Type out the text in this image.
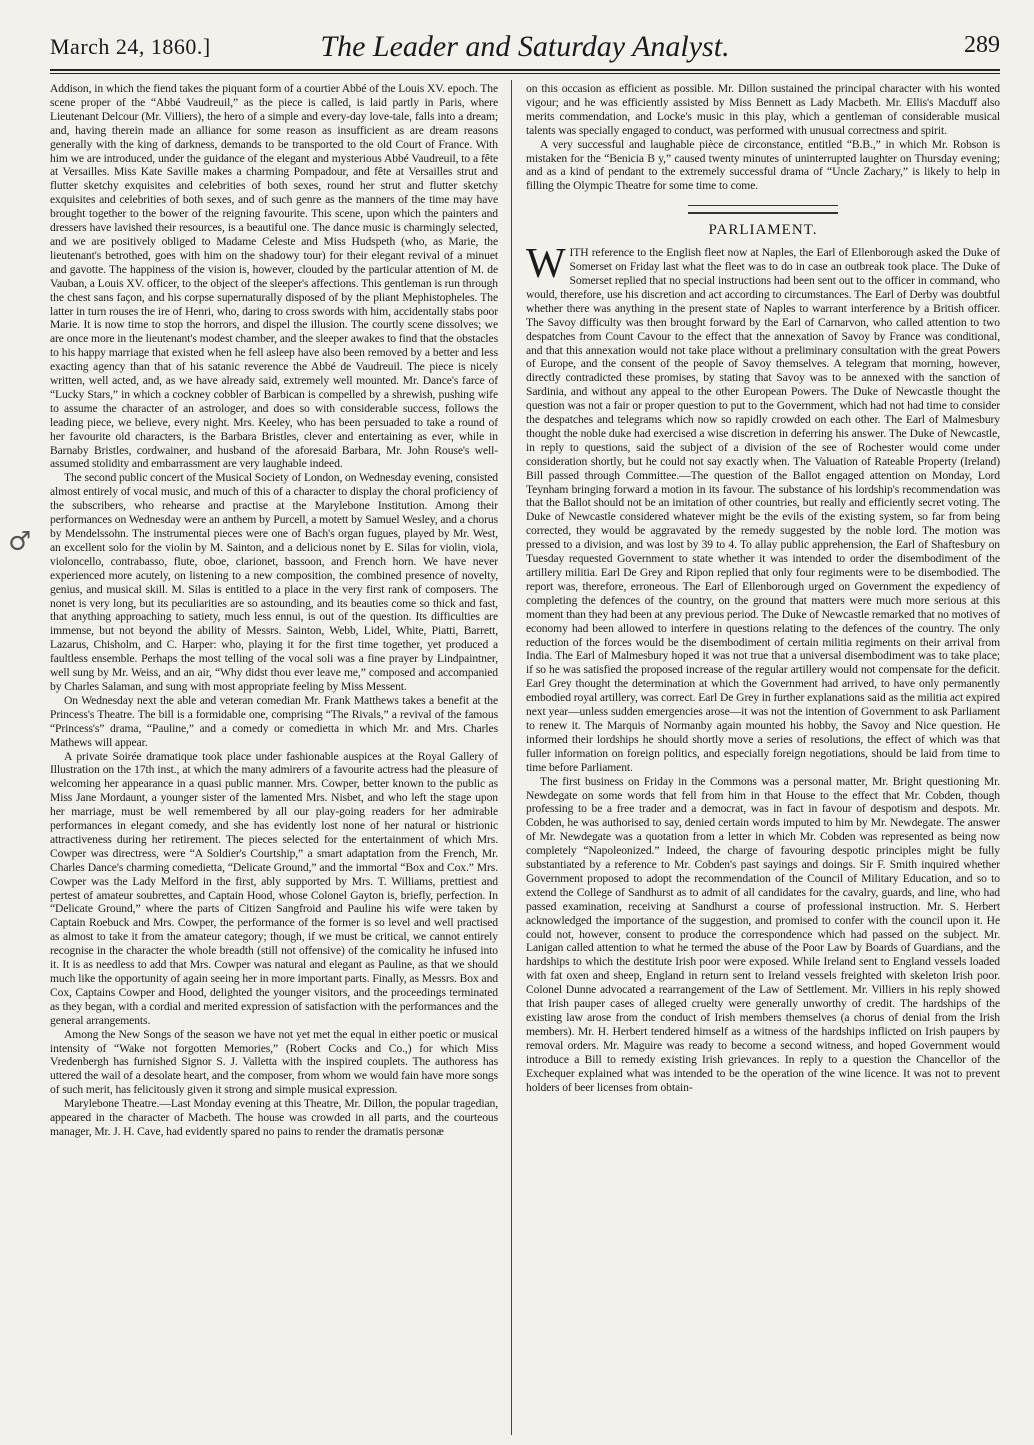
March 24, 1860.]	The Leader and Saturday Analyst.	289
♂

Addison, in which the fiend takes the piquant form of a courtier Abbé of the Louis XV. epoch. The scene proper of the “Abbé Vaudreuil,” as the piece is called, is laid partly in Paris, where Lieutenant Delcour (Mr. Villiers), the hero of a simple and every-day love-tale, falls into a dream; and, having therein made an alliance for some reason as insufficient as are dream reasons generally with the king of darkness, demands to be transported to the old Court of France. With him we are introduced, under the guidance of the elegant and mysterious Abbé Vaudreuil, to a fête at Versailles. Miss Kate Saville makes a charming Pompadour, and fête at Versailles strut and flutter sketchy exquisites and celebrities of both sexes, round her strut and flutter sketchy exquisites and celebrities of both sexes, and of such genre as the manners of the time may have brought together to the bower of the reigning favourite. This scene, upon which the painters and dressers have lavished their resources, is a beautiful one. The dance music is charmingly selected, and we are positively obliged to Madame Celeste and Miss Hudspeth (who, as Marie, the lieutenant's betrothed, goes with him on the shadowy tour) for their elegant revival of a minuet and gavotte. The happiness of the vision is, however, clouded by the particular attention of M. de Vauban, a Louis XV. officer, to the object of the sleeper's affections. This gentleman is run through the chest sans façon, and his corpse supernaturally disposed of by the pliant Mephistopheles. The latter in turn rouses the ire of Henri, who, daring to cross swords with him, accidentally stabs poor Marie. It is now time to stop the horrors, and dispel the illusion. The courtly scene dissolves; we are once more in the lieutenant's modest chamber, and the sleeper awakes to find that the obstacles to his happy marriage that existed when he fell asleep have also been removed by a better and less exacting agency than that of his satanic reverence the Abbé de Vaudreuil. The piece is nicely written, well acted, and, as we have already said, extremely well mounted. Mr. Dance's farce of “Lucky Stars,” in which a cockney cobbler of Barbican is compelled by a shrewish, pushing wife to assume the character of an astrologer, and does so with considerable success, follows the leading piece, we believe, every night. Mrs. Keeley, who has been persuaded to take a round of her favourite old characters, is the Barbara Bristles, clever and entertaining as ever, while in Barnaby Bristles, cordwainer, and husband of the aforesaid Barbara, Mr. John Rouse's well-assumed stolidity and embarrassment are very laughable indeed.

The second public concert of the Musical Society of London, on Wednesday evening, consisted almost entirely of vocal music, and much of this of a character to display the choral proficiency of the subscribers, who rehearse and practise at the Marylebone Institution. Among their performances on Wednesday were an anthem by Purcell, a motett by Samuel Wesley, and a chorus by Mendelssohn. The instrumental pieces were one of Bach's organ fugues, played by Mr. West, an excellent solo for the violin by M. Sainton, and a delicious nonet by E. Silas for violin, viola, violoncello, contrabasso, flute, oboe, clarionet, bassoon, and French horn. We have never experienced more acutely, on listening to a new composition, the combined presence of novelty, genius, and musical skill. M. Silas is entitled to a place in the very first rank of composers. The nonet is very long, but its peculiarities are so astounding, and its beauties come so thick and fast, that anything approaching to satiety, much less ennui, is out of the question. Its difficulties are immense, but not beyond the ability of Messrs. Sainton, Webb, Lidel, White, Piatti, Barrett, Lazarus, Chisholm, and C. Harper: who, playing it for the first time together, yet produced a faultless ensemble. Perhaps the most telling of the vocal soli was a fine prayer by Lindpaintner, well sung by Mr. Weiss, and an air, “Why didst thou ever leave me,” composed and accompanied by Charles Salaman, and sung with most appropriate feeling by Miss Messent.

On Wednesday next the able and veteran comedian Mr. Frank Matthews takes a benefit at the Princess's Theatre. The bill is a formidable one, comprising “The Rivals,” a revival of the famous “Princess's” drama, “Pauline,” and a comedy or comedietta in which Mr. and Mrs. Charles Mathews will appear.

A private Soirée dramatique took place under fashionable auspices at the Royal Gallery of Illustration on the 17th inst., at which the many admirers of a favourite actress had the pleasure of welcoming her appearance in a quasi public manner. Mrs. Cowper, better known to the public as Miss Jane Mordaunt, a younger sister of the lamented Mrs. Nisbet, and who left the stage upon her marriage, must be well remembered by all our play-going readers for her admirable performances in elegant comedy, and she has evidently lost none of her natural or histrionic attractiveness during her retirement. The pieces selected for the entertainment of which Mrs. Cowper was directress, were “A Soldier's Courtship,” a smart adaptation from the French, Mr. Charles Dance's charming comedietta, “Delicate Ground,” and the immortal “Box and Cox.” Mrs. Cowper was the Lady Melford in the first, ably supported by Mrs. T. Williams, prettiest and pertest of amateur soubrettes, and Captain Hood, whose Colonel Gayton is, briefly, perfection. In “Delicate Ground,” where the parts of Citizen Sangfroid and Pauline his wife were taken by Captain Roebuck and Mrs. Cowper, the performance of the former is so level and well practised as almost to take it from the amateur category; though, if we must be critical, we cannot entirely recognise in the character the whole breadth (still not offensive) of the comicality he infused into it. It is as needless to add that Mrs. Cowper was natural and elegant as Pauline, as that we should much like the opportunity of again seeing her in more important parts. Finally, as Messrs. Box and Cox, Captains Cowper and Hood, delighted the younger visitors, and the proceedings terminated as they began, with a cordial and merited expression of satisfaction with the performances and the general arrangements.

Among the New Songs of the season we have not yet met the equal in either poetic or musical intensity of “Wake not forgotten Memories,” (Robert Cocks and Co.,) for which Miss Vredenbergh has furnished Signor S. J. Valletta with the inspired couplets. The authoress has uttered the wail of a desolate heart, and the composer, from whom we would fain have more songs of such merit, has felicitously given it strong and simple musical expression.

Marylebone Theatre.—Last Monday evening at this Theatre, Mr. Dillon, the popular tragedian, appeared in the character of Macbeth. The house was crowded in all parts, and the courteous manager, Mr. J. H. Cave, had evidently spared no pains to render the dramatis personæ

on this occasion as efficient as possible. Mr. Dillon sustained the principal character with his wonted vigour; and he was efficiently assisted by Miss Bennett as Lady Macbeth. Mr. Ellis's Macduff also merits commendation, and Locke's music in this play, which a gentleman of considerable musical talents was specially engaged to conduct, was performed with unusual correctness and spirit.

A very successful and laughable pièce de circonstance, entitled “B.B.,” in which Mr. Robson is mistaken for the “Benicia B y,” caused twenty minutes of uninterrupted laughter on Thursday evening; and as a kind of pendant to the extremely successful drama of “Uncle Zachary,” is likely to help in filling the Olympic Theatre for some time to come.

PARLIAMENT.

WITH reference to the English fleet now at Naples, the Earl of Ellenborough asked the Duke of Somerset on Friday last what the fleet was to do in case an outbreak took place. The Duke of Somerset replied that no special instructions had been sent out to the officer in command, who would, therefore, use his discretion and act according to circumstances. The Earl of Derby was doubtful whether there was anything in the present state of Naples to warrant interference by a British officer. The Savoy difficulty was then brought forward by the Earl of Carnarvon, who called attention to two despatches from Count Cavour to the effect that the annexation of Savoy by France was conditional, and that this annexation would not take place without a preliminary consultation with the great Powers of Europe, and the consent of the people of Savoy themselves. A telegram that morning, however, directly contradicted these promises, by stating that Savoy was to be annexed with the sanction of Sardinia, and without any appeal to the other European Powers. The Duke of Newcastle thought the question was not a fair or proper question to put to the Government, which had not had time to consider the despatches and telegrams which now so rapidly crowded on each other. The Earl of Malmesbury thought the noble duke had exercised a wise discretion in deferring his answer. The Duke of Newcastle, in reply to questions, said the subject of a division of the see of Rochester would come under consideration shortly, but he could not say exactly when. The Valuation of Rateable Property (Ireland) Bill passed through Committee.—The question of the Ballot engaged attention on Monday, Lord Teynham bringing forward a motion in its favour. The substance of his lordship's recommendation was that the Ballot should not be an imitation of other countries, but really and efficiently secret voting. The Duke of Newcastle considered whatever might be the evils of the existing system, so far from being corrected, they would be aggravated by the remedy suggested by the noble lord. The motion was pressed to a division, and was lost by 39 to 4. To allay public apprehension, the Earl of Shaftesbury on Tuesday requested Government to state whether it was intended to order the disembodiment of the artillery militia. Earl De Grey and Ripon replied that only four regiments were to be disembodied. The report was, therefore, erroneous. The Earl of Ellenborough urged on Government the expediency of completing the defences of the country, on the ground that matters were much more serious at this moment than they had been at any previous period. The Duke of Newcastle remarked that no motives of economy had been allowed to interfere in questions relating to the defences of the country. The only reduction of the forces would be the disembodiment of certain militia regiments on their arrival from India. The Earl of Malmesbury hoped it was not true that a universal disembodiment was to take place; if so he was satisfied the proposed increase of the regular artillery would not compensate for the deficit. Earl Grey thought the determination at which the Government had arrived, to have only permanently embodied royal artillery, was correct. Earl De Grey in further explanations said as the militia act expired next year—unless sudden emergencies arose—it was not the intention of Government to ask Parliament to renew it. The Marquis of Normanby again mounted his hobby, the Savoy and Nice question. He informed their lordships he should shortly move a series of resolutions, the effect of which was that fuller information on foreign politics, and especially foreign negotiations, should be laid from time to time before Parliament.

The first business on Friday in the Commons was a personal matter, Mr. Bright questioning Mr. Newdegate on some words that fell from him in that House to the effect that Mr. Cobden, though professing to be a free trader and a democrat, was in fact in favour of despotism and despots. Mr. Cobden, he was authorised to say, denied certain words imputed to him by Mr. Newdegate. The answer of Mr. Newdegate was a quotation from a letter in which Mr. Cobden was represented as being now completely “Napoleonized.” Indeed, the charge of favouring despotic principles might be fully substantiated by a reference to Mr. Cobden's past sayings and doings. Sir F. Smith inquired whether Government proposed to adopt the recommendation of the Council of Military Education, and so to extend the College of Sandhurst as to admit of all candidates for the cavalry, guards, and line, who had passed examination, receiving at Sandhurst a course of professional instruction. Mr. S. Herbert acknowledged the importance of the suggestion, and promised to confer with the council upon it. He could not, however, consent to produce the correspondence which had passed on the subject. Mr. Lanigan called attention to what he termed the abuse of the Poor Law by Boards of Guardians, and the hardships to which the destitute Irish poor were exposed. While Ireland sent to England vessels loaded with fat oxen and sheep, England in return sent to Ireland vessels freighted with skeleton Irish poor. Colonel Dunne advocated a rearrangement of the Law of Settlement. Mr. Villiers in his reply showed that Irish pauper cases of alleged cruelty were generally unworthy of credit. The hardships of the existing law arose from the conduct of Irish members themselves (a chorus of denial from the Irish members). Mr. H. Herbert tendered himself as a witness of the hardships inflicted on Irish paupers by removal orders. Mr. Maguire was ready to become a second witness, and hoped Government would introduce a Bill to remedy existing Irish grievances. In reply to a question the Chancellor of the Exchequer explained what was intended to be the operation of the wine licence. It was not to prevent holders of beer licenses from obtain-
